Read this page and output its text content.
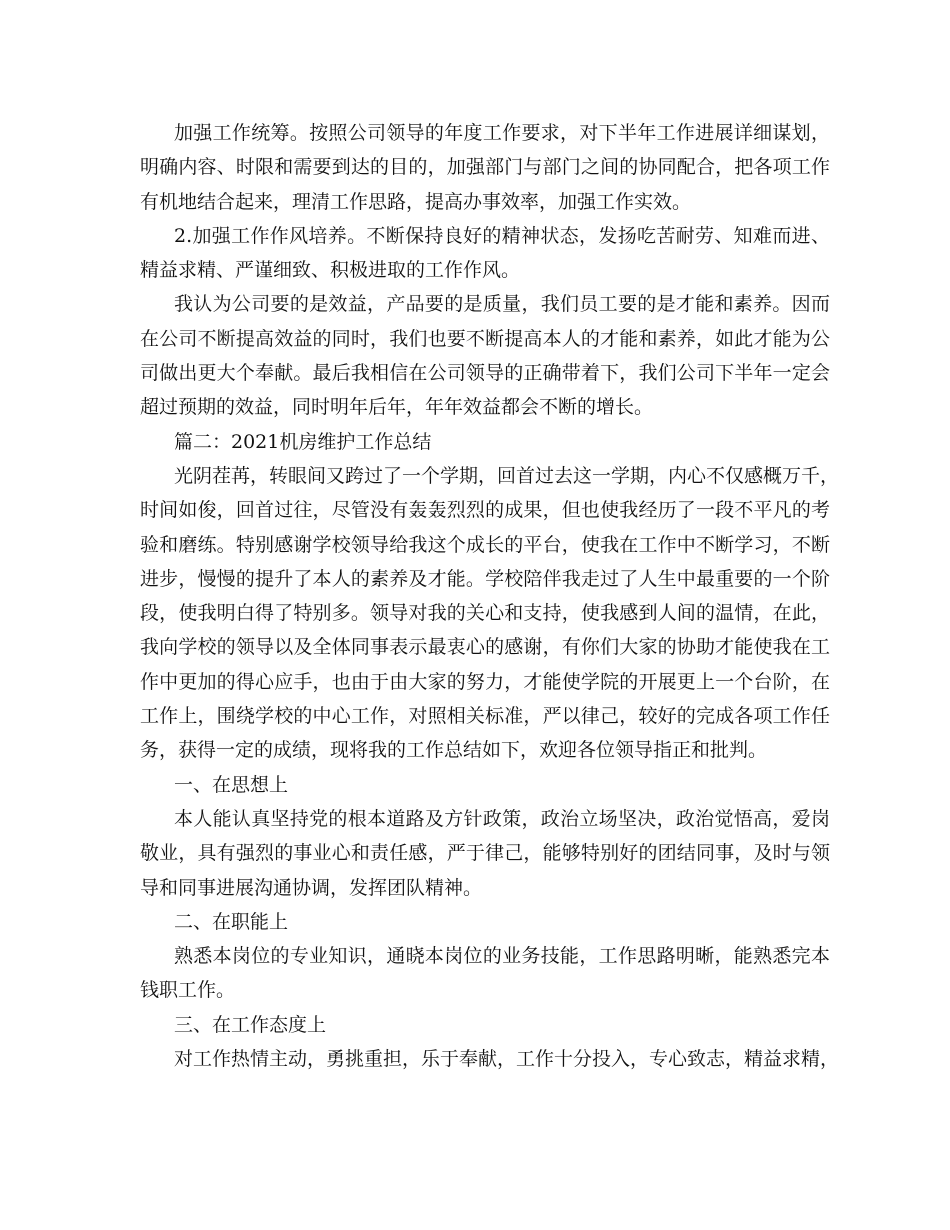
加强工作统筹。按照公司领导的年度工作要求，对下半年工作进展详细谋划，
明确内容、时限和需要到达的目的，加强部门与部门之间的协同配合，把各项工作
有机地结合起来，理清工作思路，提高办事效率，加强工作实效。
2.加强工作作风培养。不断保持良好的精神状态，发扬吃苦耐劳、知难而进、
精益求精、严谨细致、积极进取的工作作风。
我认为公司要的是效益，产品要的是质量，我们员工要的是才能和素养。因而
在公司不断提高效益的同时，我们也要不断提高本人的才能和素养，如此才能为公
司做出更大个奉献。最后我相信在公司领导的正确带着下，我们公司下半年一定会
超过预期的效益，同时明年后年，年年效益都会不断的增长。
篇二：2021机房维护工作总结
光阴茬苒，转眼间又跨过了一个学期，回首过去这一学期，内心不仅感概万千，
时间如俊，回首过往，尽管没有轰轰烈烈的成果，但也使我经历了一段不平凡的考
验和磨练。特别感谢学校领导给我这个成长的平台，使我在工作中不断学习，不断
进步，慢慢的提升了本人的素养及才能。学校陪伴我走过了人生中最重要的一个阶
段，使我明白得了特别多。领导对我的关心和支持，使我感到人间的温情，在此，
我向学校的领导以及全体同事表示最衷心的感谢，有你们大家的协助才能使我在工
作中更加的得心应手，也由于由大家的努力，才能使学院的开展更上一个台阶，在
工作上，围绕学校的中心工作，对照相关标准，严以律己，较好的完成各项工作任
务，获得一定的成绩，现将我的工作总结如下，欢迎各位领导指正和批判。
一、在思想上
本人能认真坚持党的根本道路及方针政策，政治立场坚决，政治觉悟高，爱岗
敬业，具有强烈的事业心和责任感，严于律己，能够特别好的团结同事，及时与领
导和同事进展沟通协调，发挥团队精神。
二、在职能上
熟悉本岗位的专业知识，通晓本岗位的业务技能，工作思路明晰，能熟悉完本
钱职工作。
三、在工作态度上
对工作热情主动，勇挑重担，乐于奉献，工作十分投入，专心致志，精益求精，
